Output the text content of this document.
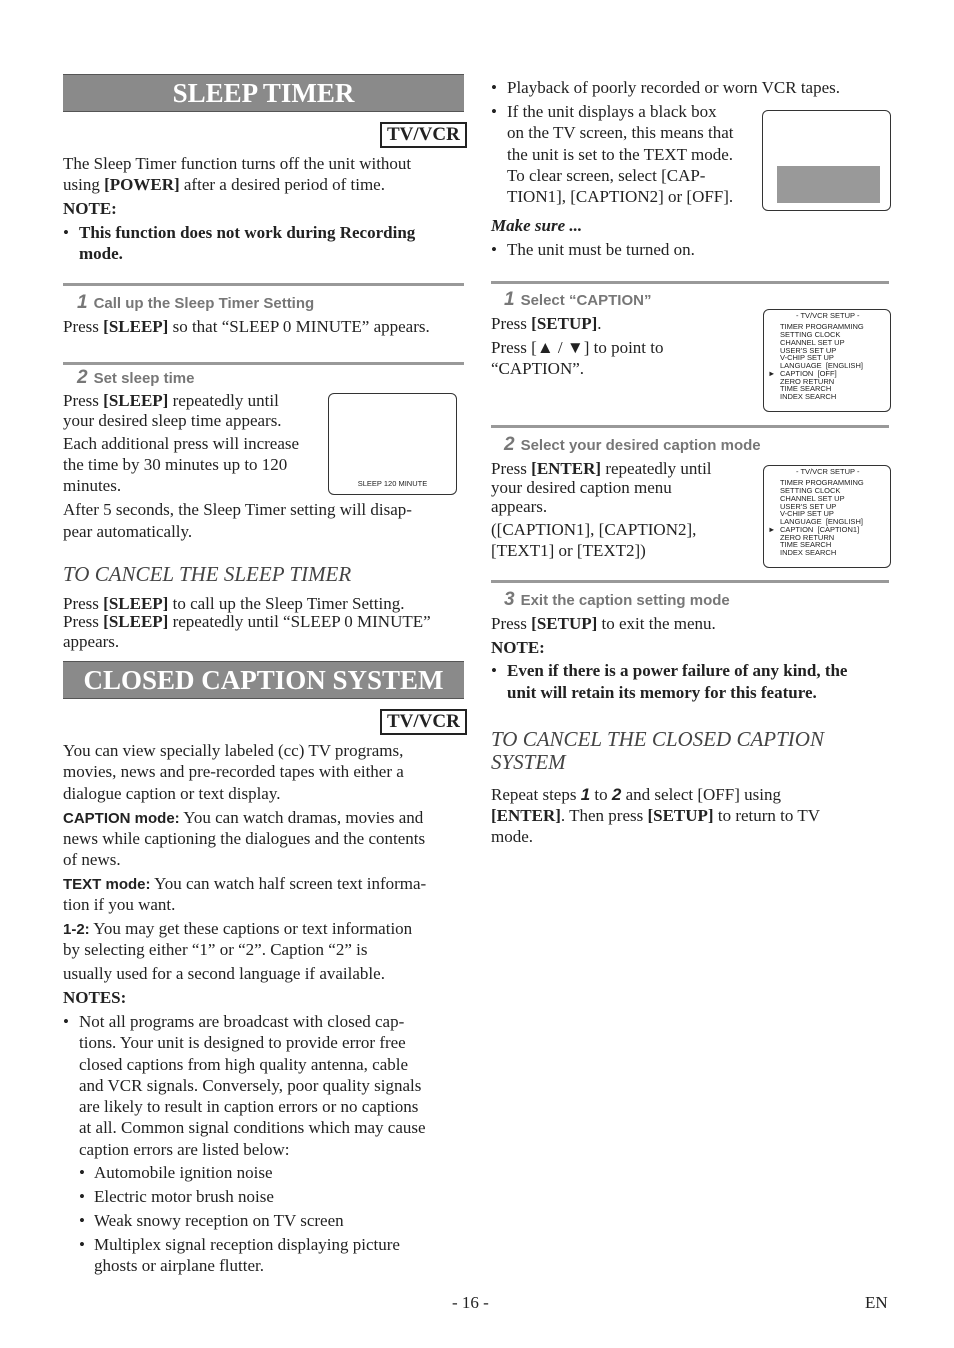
SLEEP TIMER
TV/VCR

The Sleep Timer function turns off the unit without

using [POWER] after a desired period of time.

NOTE:

• This function does not work during Recording

mode.

1 Call up the Sleep Timer Setting

Press [SLEEP] so that “SLEEP 0 MINUTE” appears.

2 Set sleep time

Press [SLEEP] repeatedly until

your desired sleep time appears.

Each additional press will increase

the time by 30 minutes up to 120

minutes.

After 5 seconds, the Sleep Timer setting will disap-

pear automatically.

SLEEP 120 MINUTE
TO CANCEL THE SLEEP TIMER

Press [SLEEP] to call up the Sleep Timer Setting.

Press [SLEEP] repeatedly until “SLEEP 0 MINUTE”

appears.

CLOSED CAPTION SYSTEM
TV/VCR

You can view specially labeled (cc) TV programs,

movies, news and pre-recorded tapes with either a

dialogue caption or text display.

CAPTION mode: You can watch dramas, movies and

news while captioning the dialogues and the contents

of news.

TEXT mode: You can watch half screen text informa-

tion if you want.

1-2: You may get these captions or text information

by selecting either “1” or “2”. Caption “2” is

usually used for a second language if available.

NOTES:

• Not all programs are broadcast with closed cap-

tions. Your unit is designed to provide error free

closed captions from high quality antenna, cable

and VCR signals. Conversely, poor quality signals

are likely to result in caption errors or no captions

at all. Common signal conditions which may cause

caption errors are listed below:

• Automobile ignition noise

• Electric motor brush noise

• Weak snowy reception on TV screen

• Multiplex signal reception displaying picture

ghosts or airplane flutter.

• Playback of poorly recorded or worn VCR tapes.

• If the unit displays a black box

on the TV screen, this means that

the unit is set to the TEXT mode.

To clear screen, select [CAP-

TION1], [CAPTION2] or [OFF].

Make sure ...

• The unit must be turned on.

1 Select “CAPTION”

Press [SETUP].

Press [▲ / ▼] to point to

“CAPTION”.

- TV/VCR SETUP -
TIMER PROGRAMMING
SETTING CLOCK
CHANNEL SET UP
USER'S SET UP
V-CHIP SET UP
LANGUAGE  [ENGLISH]
► CAPTION  [OFF]
ZERO RETURN
TIME SEARCH
INDEX SEARCH
2 Select your desired caption mode

Press [ENTER] repeatedly until

your desired caption menu

appears.

([CAPTION1], [CAPTION2],

[TEXT1] or [TEXT2])

- TV/VCR SETUP -
TIMER PROGRAMMING
SETTING CLOCK
CHANNEL SET UP
USER'S SET UP
V-CHIP SET UP
LANGUAGE  [ENGLISH]
► CAPTION  [CAPTION1]
ZERO RETURN
TIME SEARCH
INDEX SEARCH
3 Exit the caption setting mode

Press [SETUP] to exit the menu.

NOTE:

• Even if there is a power failure of any kind, the

unit will retain its memory for this feature.

TO CANCEL THE CLOSED CAPTION
SYSTEM

Repeat steps 1 to 2 and select [OFF] using

[ENTER]. Then press [SETUP] to return to TV

mode.

- 16 -	EN
